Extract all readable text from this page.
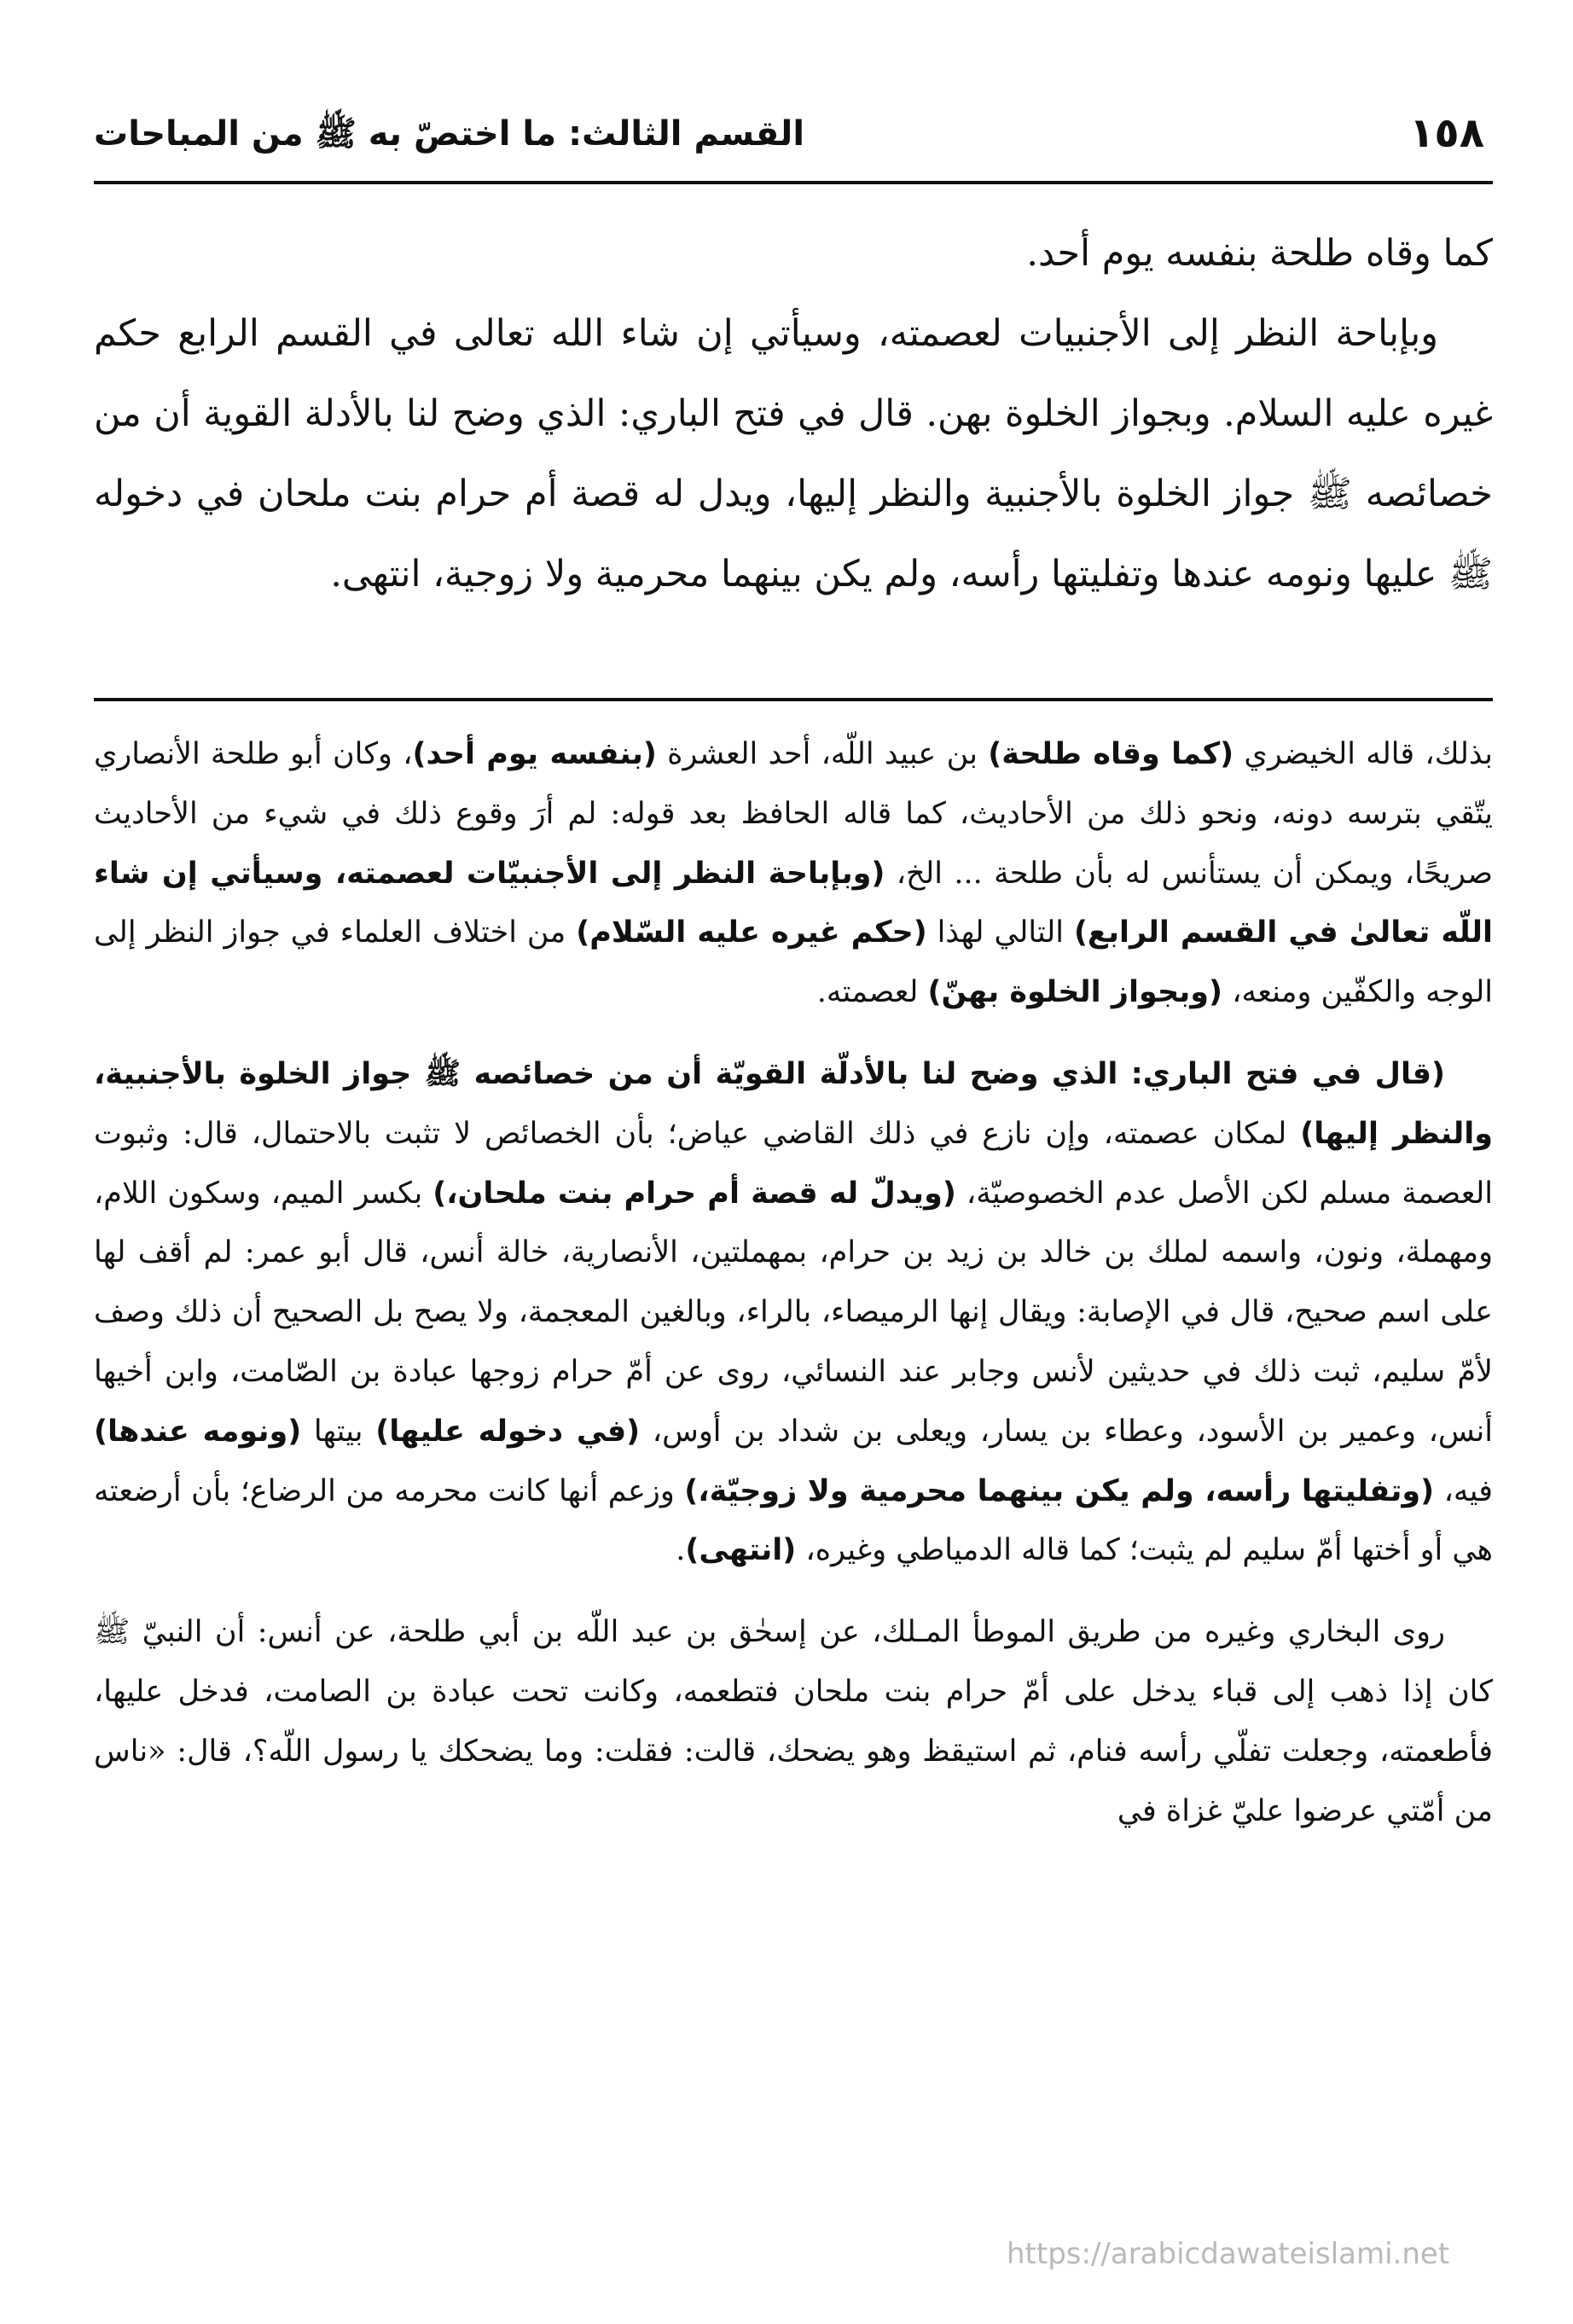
١٥٨
القسم الثالث: ما اختصّ به ﷺ من المباحات

كما وقاه طلحة بنفسه يوم أحد.

وبإباحة النظر إلى الأجنبيات لعصمته، وسيأتي إن شاء الله تعالى في القسم الرابع حكم غيره عليه السلام. وبجواز الخلوة بهن. قال في فتح الباري: الذي وضح لنا بالأدلة القوية أن من خصائصه ﷺ جواز الخلوة بالأجنبية والنظر إليها، ويدل له قصة أم حرام بنت ملحان في دخوله ﷺ عليها ونومه عندها وتفليتها رأسه، ولم يكن بينهما محرمية ولا زوجية، انتهى.

بذلك، قاله الخيضري (كما وقاه طلحة) بن عبيد اللّه، أحد العشرة (بنفسه يوم أحد)، وكان أبو طلحة الأنصاري يتّقي بترسه دونه، ونحو ذلك من الأحاديث، كما قاله الحافظ بعد قوله: لم أرَ وقوع ذلك في شيء من الأحاديث صريحًا، ويمكن أن يستأنس له بأن طلحة ... الخ، (وبإباحة النظر إلى الأجنبيّات لعصمته، وسيأتي إن شاء اللّه تعالىٰ في القسم الرابع) التالي لهذا (حكم غيره عليه السّلام) من اختلاف العلماء في جواز النظر إلى الوجه والكفّين ومنعه، (وبجواز الخلوة بهنّ) لعصمته.

(قال في فتح الباري: الذي وضح لنا بالأدلّة القويّة أن من خصائصه ﷺ جواز الخلوة بالأجنبية، والنظر إليها) لمكان عصمته، وإن نازع في ذلك القاضي عياض؛ بأن الخصائص لا تثبت بالاحتمال، قال: وثبوت العصمة مسلم لكن الأصل عدم الخصوصيّة، (ويدلّ له قصة أم حرام بنت ملحان،) بكسر الميم، وسكون اللام، ومهملة، ونون، واسمه لملك بن خالد بن زيد بن حرام، بمهملتين، الأنصارية، خالة أنس، قال أبو عمر: لم أقف لها على اسم صحيح، قال في الإصابة: ويقال إنها الرميصاء، بالراء، وبالغين المعجمة، ولا يصح بل الصحيح أن ذلك وصف لأمّ سليم، ثبت ذلك في حديثين لأنس وجابر عند النسائي، روى عن أمّ حرام زوجها عبادة بن الصّامت، وابن أخيها أنس، وعمير بن الأسود، وعطاء بن يسار، ويعلى بن شداد بن أوس، (في دخوله عليها) بيتها (ونومه عندها) فيه، (وتفليتها رأسه، ولم يكن بينهما محرمية ولا زوجيّة،) وزعم أنها كانت محرمه من الرضاع؛ بأن أرضعته هي أو أختها أمّ سليم لم يثبت؛ كما قاله الدمياطي وغيره، (انتهى).

روى البخاري وغيره من طريق الموطأ المـلك، عن إسحٰق بن عبد اللّه بن أبي طلحة، عن أنس: أن النبيّ ﷺ كان إذا ذهب إلى قباء يدخل على أمّ حرام بنت ملحان فتطعمه، وكانت تحت عبادة بن الصامت، فدخل عليها، فأطعمته، وجعلت تفلّي رأسه فنام، ثم استيقظ وهو يضحك، قالت: فقلت: وما يضحكك يا رسول اللّه؟، قال: «ناس من أمّتي عرضوا عليّ غزاة في

https://arabicdawateislami.net
